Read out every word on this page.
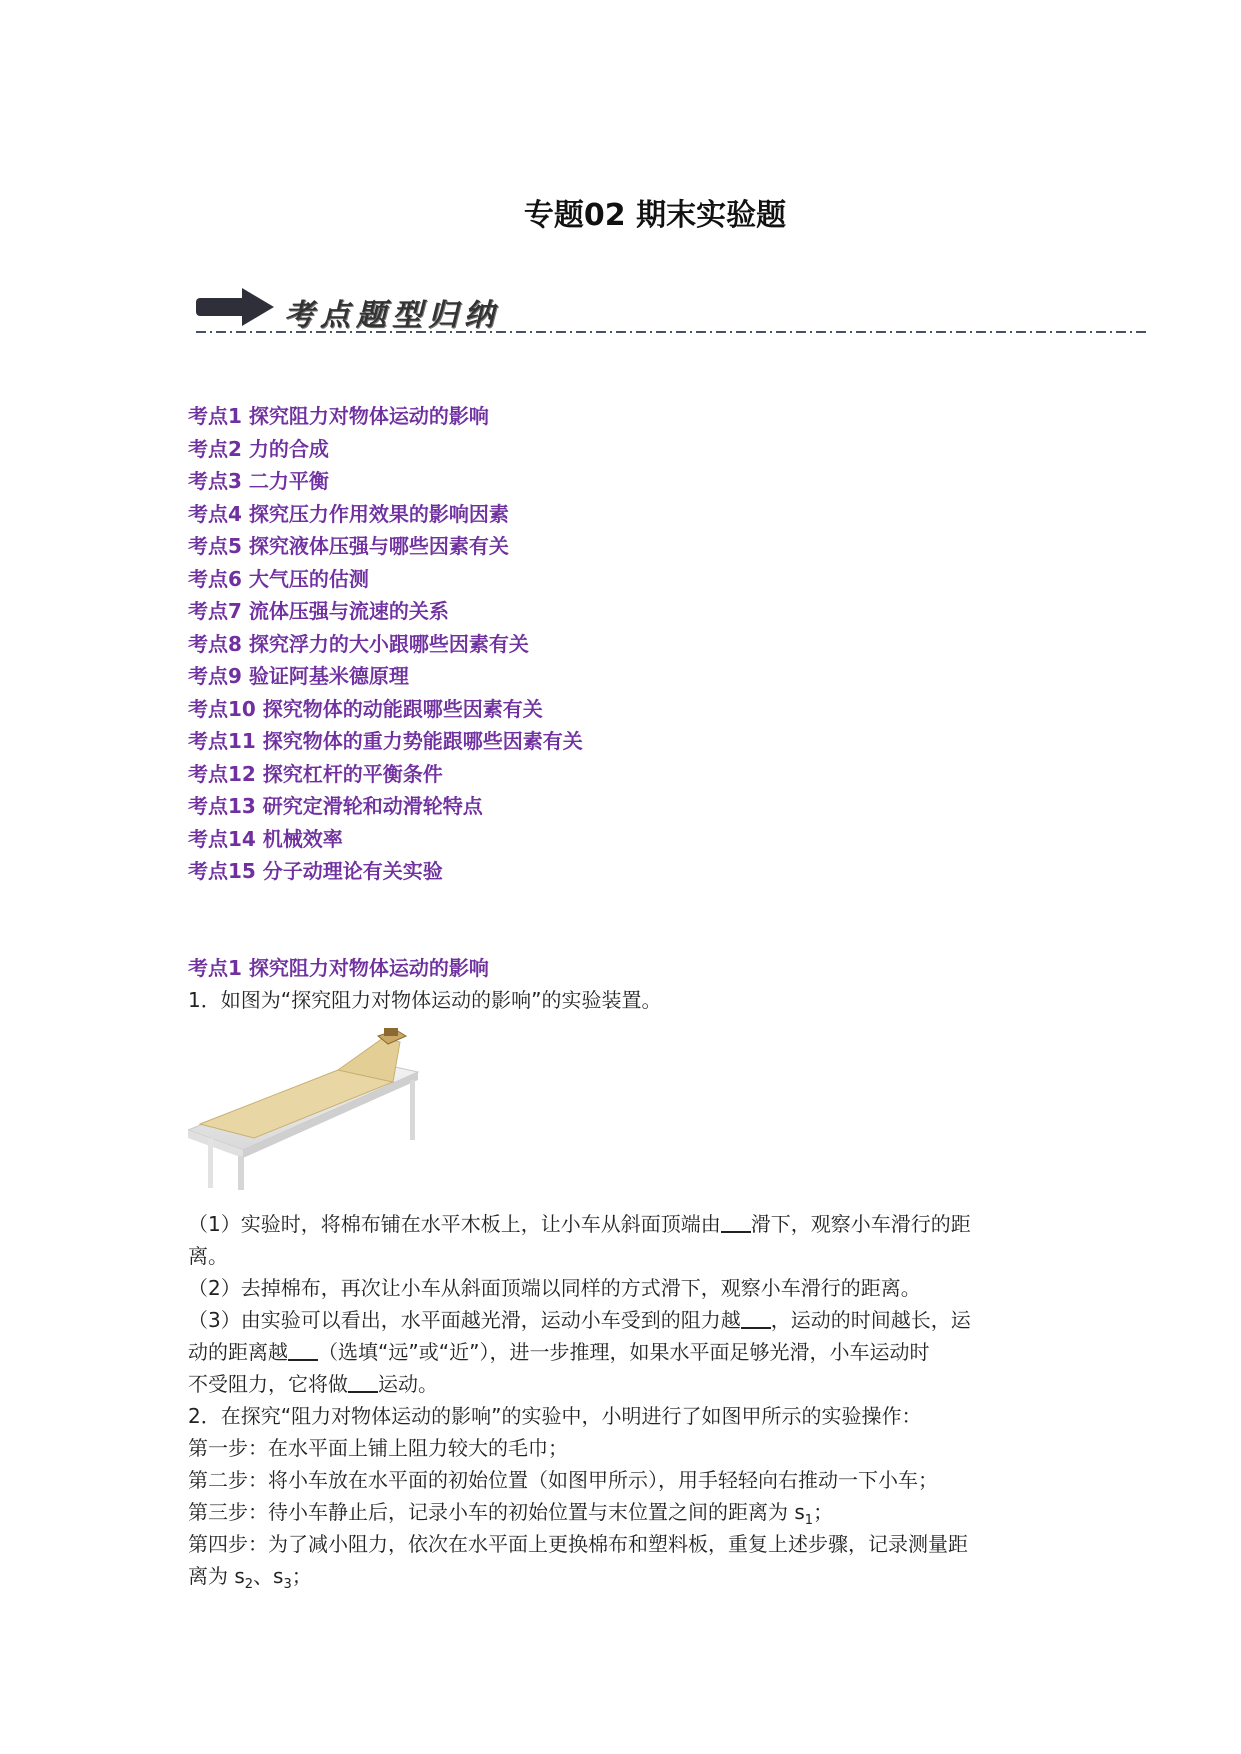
专题02 期末实验题
考点题型归纳
考点1 探究阻力对物体运动的影响
考点2 力的合成
考点3 二力平衡
考点4 探究压力作用效果的影响因素
考点5 探究液体压强与哪些因素有关
考点6 大气压的估测
考点7 流体压强与流速的关系
考点8 探究浮力的大小跟哪些因素有关
考点9 验证阿基米德原理
考点10 探究物体的动能跟哪些因素有关
考点11 探究物体的重力势能跟哪些因素有关
考点12 探究杠杆的平衡条件
考点13 研究定滑轮和动滑轮特点
考点14 机械效率
考点15 分子动理论有关实验
考点1 探究阻力对物体运动的影响
1．如图为“探究阻力对物体运动的影响”的实验装置。
（1）实验时，将棉布铺在水平木板上，让小车从斜面顶端由 滑下，观察小车滑行的距
离。
（2）去掉棉布，再次让小车从斜面顶端以同样的方式滑下，观察小车滑行的距离。
（3）由实验可以看出，水平面越光滑，运动小车受到的阻力越 ，运动的时间越长，运
动的距离越 （选填“远”或“近”），进一步推理，如果水平面足够光滑，小车运动时
不受阻力，它将做 运动。
2．在探究“阻力对物体运动的影响”的实验中，小明进行了如图甲所示的实验操作：
第一步：在水平面上铺上阻力较大的毛巾；
第二步：将小车放在水平面的初始位置（如图甲所示），用手轻轻向右推动一下小车；
第三步：待小车静止后，记录小车的初始位置与末位置之间的距离为 $s_1$；
第四步：为了减小阻力，依次在水平面上更换棉布和塑料板，重复上述步骤，记录测量距
离为 $s_2$、$s_3$；
